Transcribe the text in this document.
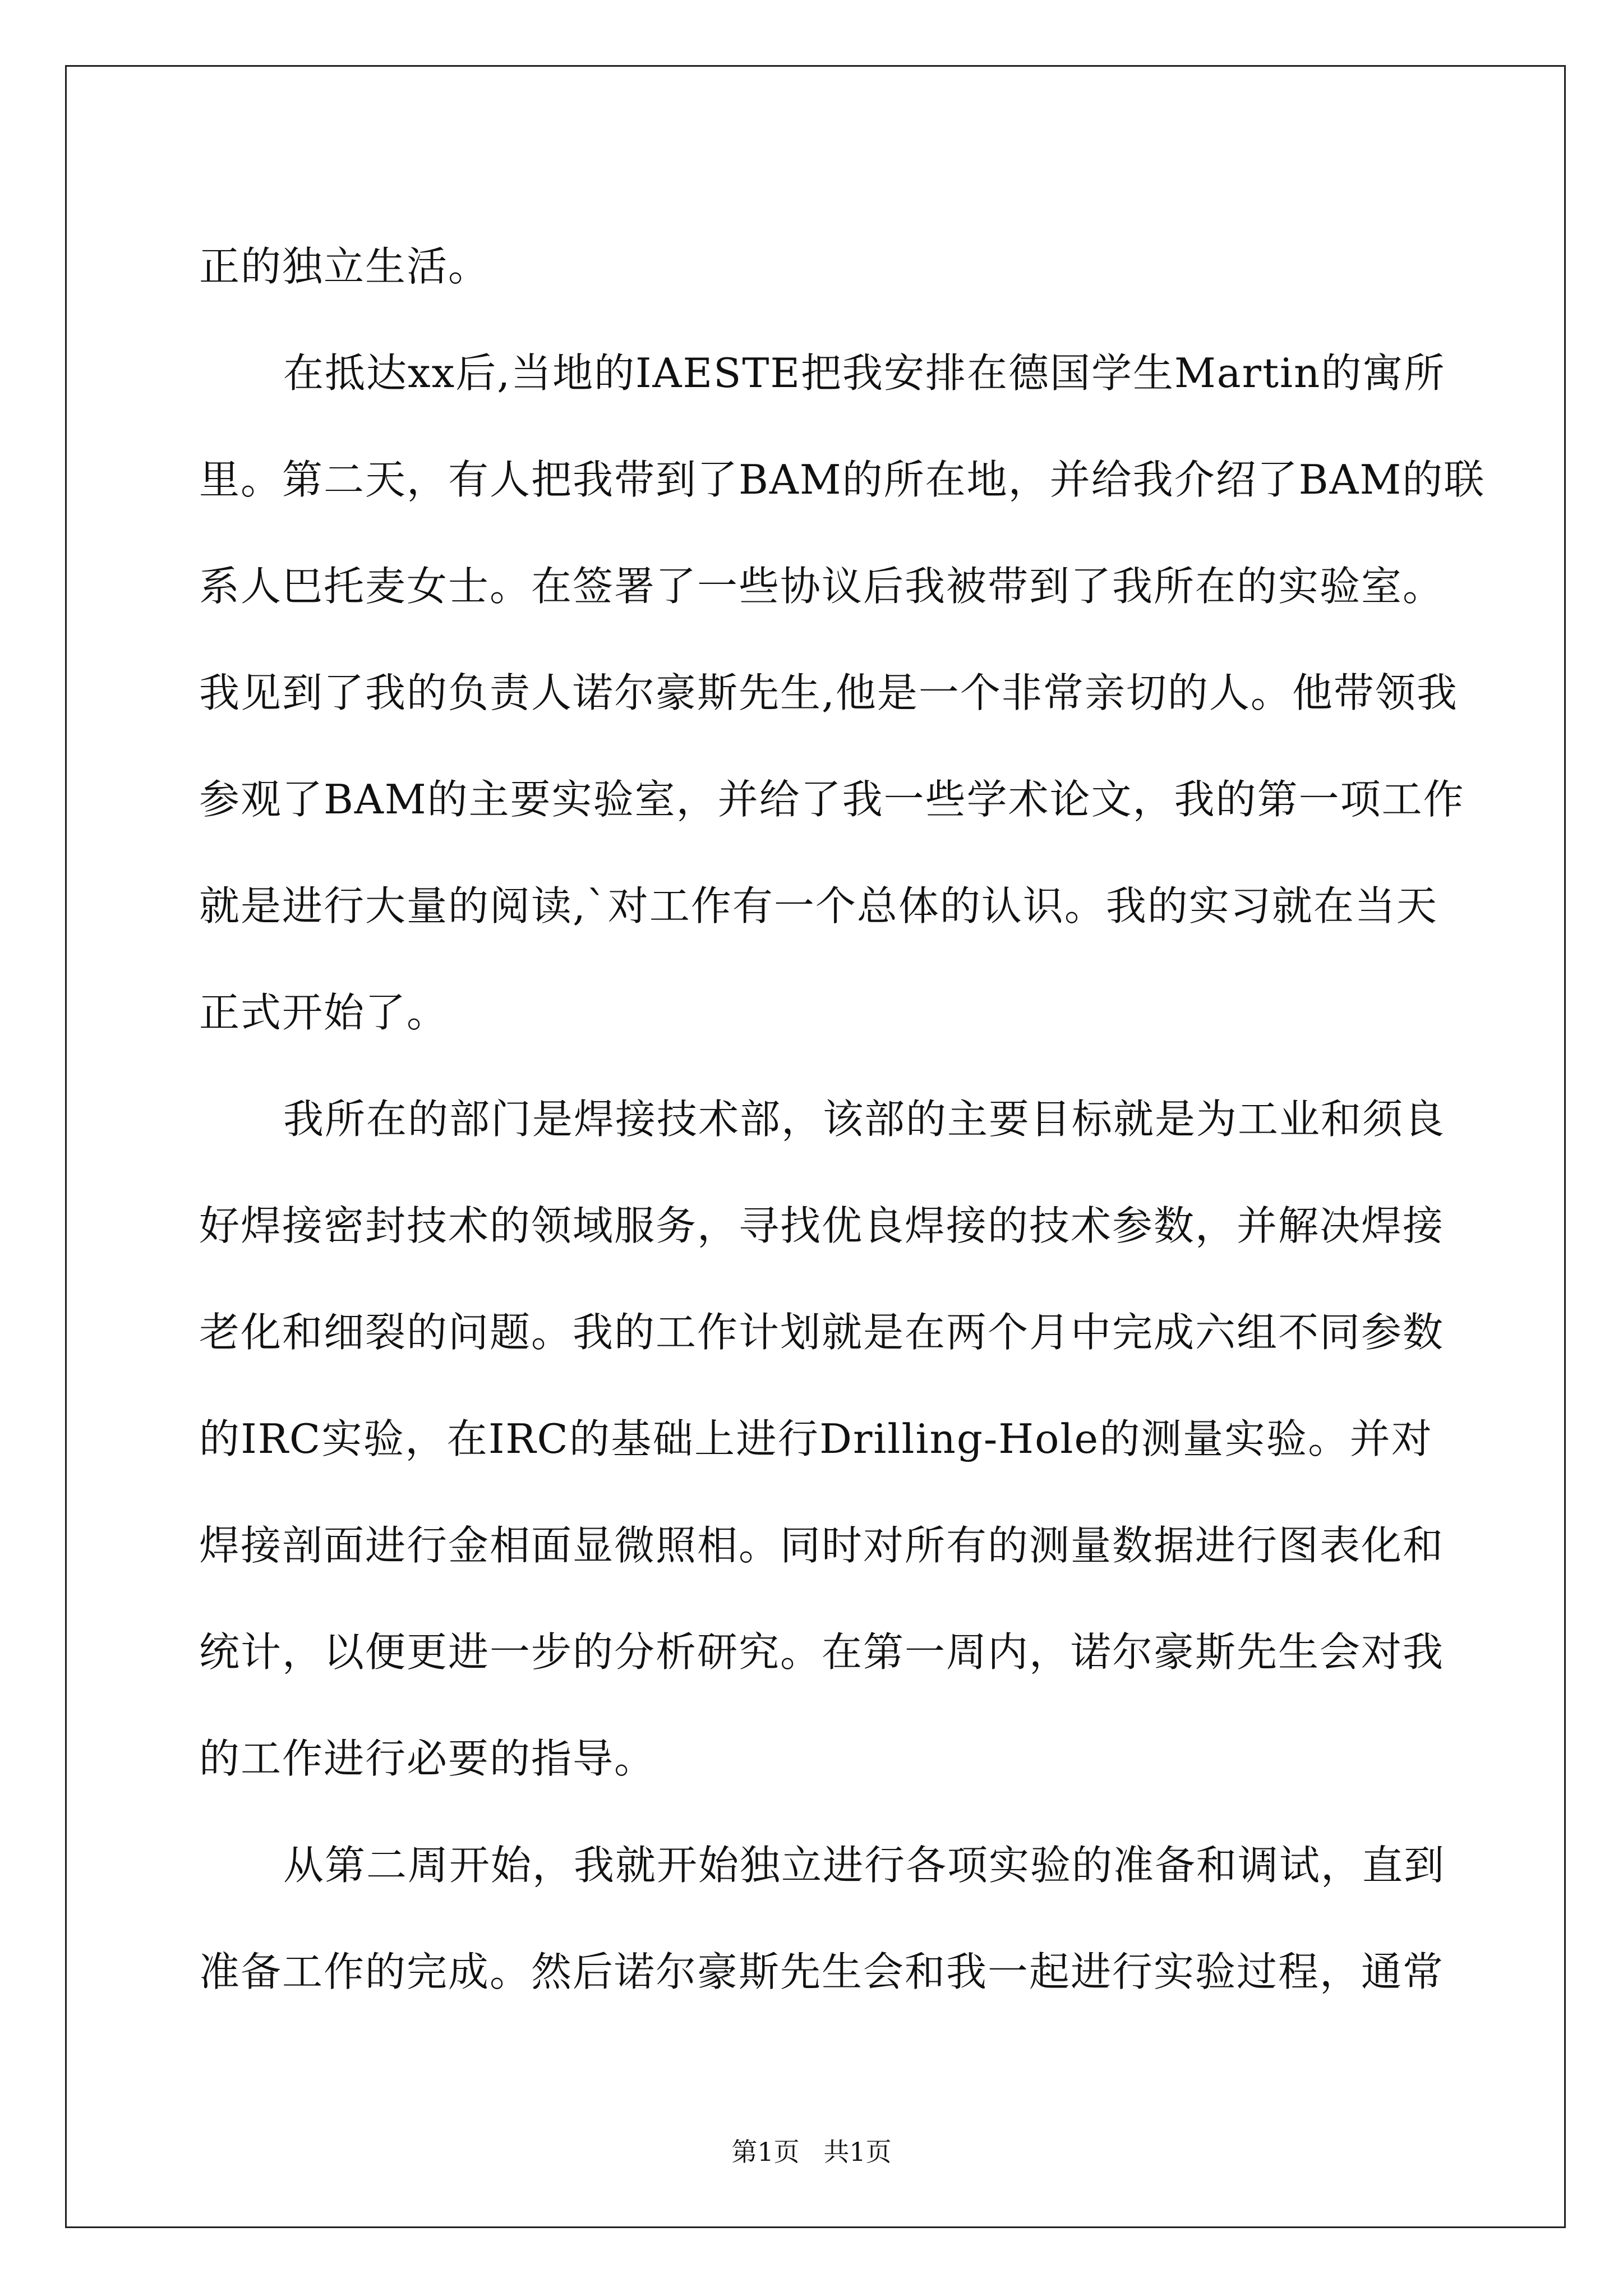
正的独立生活。
在抵达xx后,当地的IAESTE把我安排在德国学生Martin的寓所
里。第二天，有人把我带到了BAM的所在地，并给我介绍了BAM的联
系人巴托麦女士。在签署了一些协议后我被带到了我所在的实验室。
我见到了我的负责人诺尔豪斯先生,他是一个非常亲切的人。他带领我
参观了BAM的主要实验室，并给了我一些学术论文，我的第一项工作
就是进行大量的阅读,`对工作有一个总体的认识。我的实习就在当天
正式开始了。
我所在的部门是焊接技术部，该部的主要目标就是为工业和须良
好焊接密封技术的领域服务，寻找优良焊接的技术参数，并解决焊接
老化和细裂的问题。我的工作计划就是在两个月中完成六组不同参数
的IRC实验，在IRC的基础上进行Drilling-Hole的测量实验。并对
焊接剖面进行金相面显微照相。同时对所有的测量数据进行图表化和
统计，以便更进一步的分析研究。在第一周内，诺尔豪斯先生会对我
的工作进行必要的指导。
从第二周开始，我就开始独立进行各项实验的准备和调试，直到
准备工作的完成。然后诺尔豪斯先生会和我一起进行实验过程，通常
第1页 共1页
